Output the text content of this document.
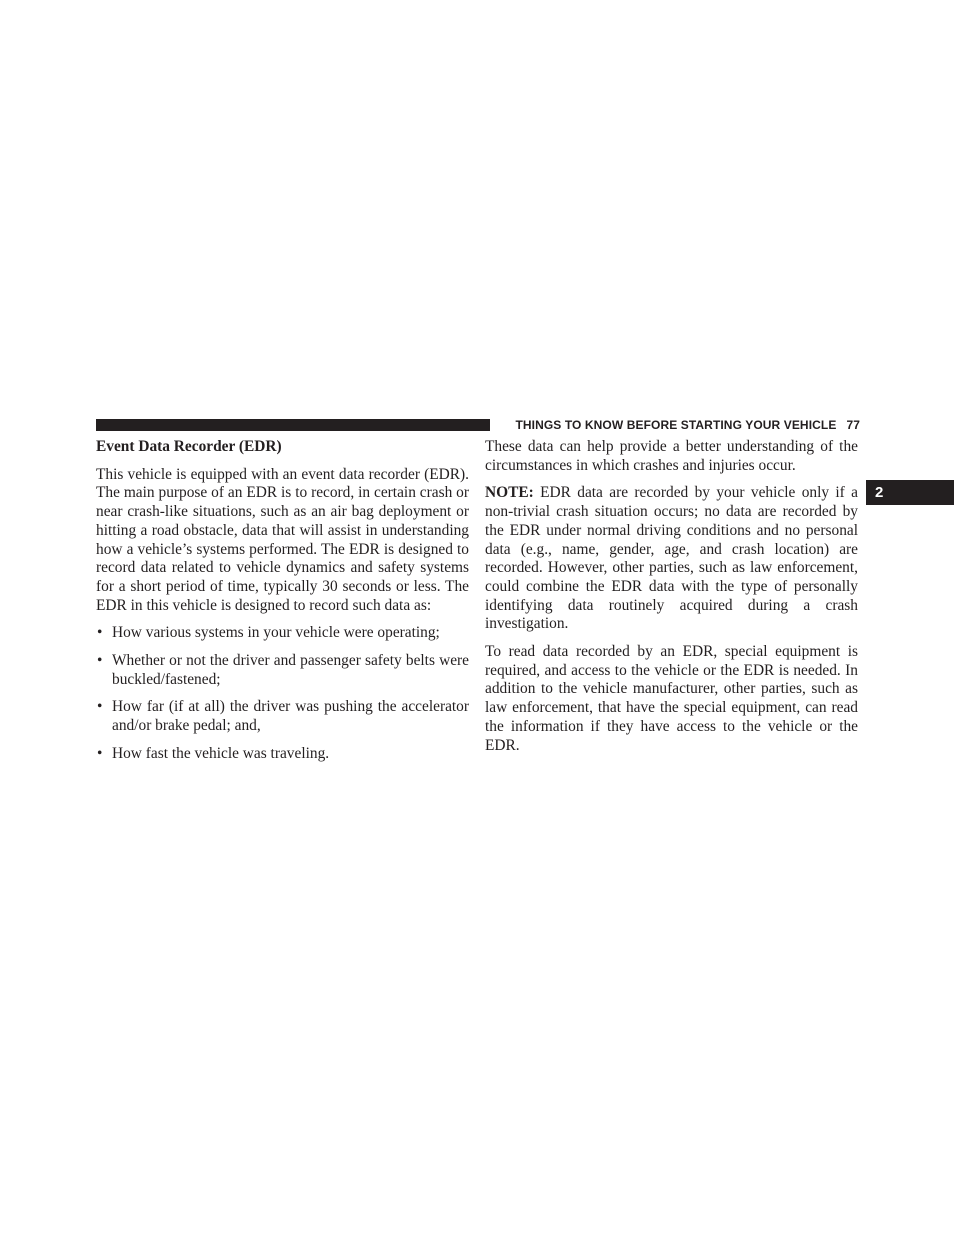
THINGS TO KNOW BEFORE STARTING YOUR VEHICLE 77
2
Event Data Recorder (EDR)

This vehicle is equipped with an event data recorder (EDR). The main purpose of an EDR is to record, in certain crash or near crash-like situations, such as an air bag deployment or hitting a road obstacle, data that will assist in understanding how a vehicle’s systems performed. The EDR is designed to record data related to vehicle dynamics and safety systems for a short period of time, typically 30 seconds or less. The EDR in this vehicle is designed to record such data as:

• How various systems in your vehicle were operating;
• Whether or not the driver and passenger safety belts were buckled/fastened;
• How far (if at all) the driver was pushing the accelerator and/or brake pedal; and,
• How fast the vehicle was traveling.

These data can help provide a better understanding of the circumstances in which crashes and injuries occur.

NOTE: EDR data are recorded by your vehicle only if a non-trivial crash situation occurs; no data are recorded by the EDR under normal driving conditions and no personal data (e.g., name, gender, age, and crash location) are recorded. However, other parties, such as law enforcement, could combine the EDR data with the type of personally identifying data routinely acquired during a crash investigation.

To read data recorded by an EDR, special equipment is required, and access to the vehicle or the EDR is needed. In addition to the vehicle manufacturer, other parties, such as law enforcement, that have the special equipment, can read the information if they have access to the vehicle or the EDR.
